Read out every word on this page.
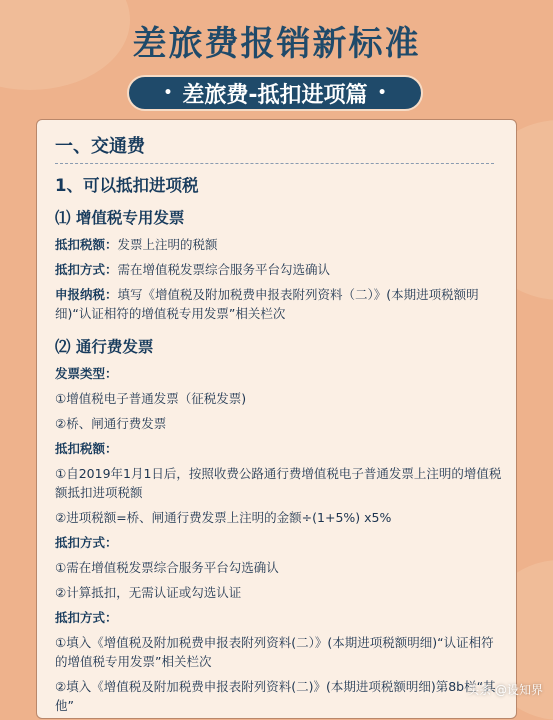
差旅费报销新标准
• 差旅费-抵扣进项篇 •
一、交通费
1、可以抵扣进项税
⑴ 增值税专用发票
抵扣税额：发票上注明的税额
抵扣方式：需在增值税发票综合服务平台勾选确认
申报纳税：填写《增值税及附加税费申报表附列资料（二）》(本期进项税额明细)“认证相符的增值税专用发票”相关栏次
⑵ 通行费发票
发票类型：
①增值税电子普通发票（征税发票)
②桥、闸通行费发票
抵扣税额：
①自2019年1月1日后，按照收费公路通行费增值税电子普通发票上注明的增值税额抵扣进项税额
②进项税额=桥、闸通行费发票上注明的金额÷(1+5%) x5%
抵扣方式：
①需在增值税发票综合服务平台勾选确认
②计算抵扣，无需认证或勾选认证
抵扣方式：
①填入《增值税及附加税费申报表附列资料(二）》(本期进项税额明细)“认证相符的增值税专用发票”相关栏次
②填入《增值税及附加税费申报表附列资料(二)》(本期进项税额明细)第8b栏“其他”
头条 @设知界
